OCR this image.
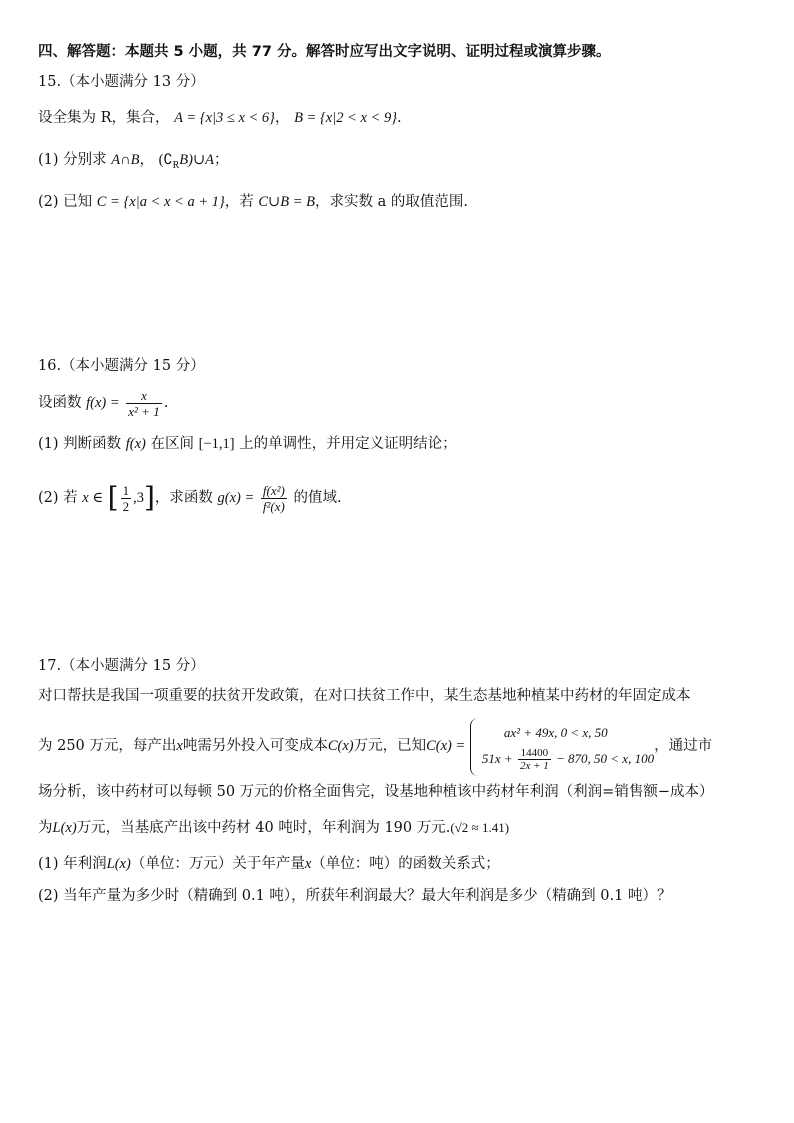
四、解答题：本题共 5 小题，共 77 分。解答时应写出文字说明、证明过程或演算步骤。
15.（本小题满分 13 分）
设全集为 R，集合， A = {x|3 ≤ x < 6}， B = {x|2 < x < 9}.
(1) 分别求 A∩B， $(∁_RB)\cup A$；
(2) 已知 C = {x|a < x < a + 1}，若 C∪B = B，求实数 a 的取值范围.
16.（本小题满分 15 分）
设函数 $f(x) = \frac{x}{\text{x² + 1}}$ .
(1) 判断函数 f(x) 在区间 [−1,1] 上的单调性，并用定义证明结论；
(2) 若 x ∈ [ $\frac{1}{2} ,3$]，求函数 $g(x) = \frac{\text{f(x²)}}{\text{f²(x)}}$ 的值域.
17.（本小题满分 15 分）
对口帮扶是我国一项重要的扶贫开发政策，在对口扶贫工作中，某生态基地种植某中药材的年固定成本
为 250 万元，每产出x吨需另外投入可变成本C(x)万元，已知C(x) =
ax² + 49x, 0 < x, 50
$51x + \frac{14400}{2x + 1} - 870$, 50 < x, 100
，通过市
场分析，该中药材可以每顿 50 万元的价格全面售完，设基地种植该中药材年利润（利润=销售额−成本）
为L(x)万元，当基底产出该中药材 40 吨时，年利润为 190 万元.(√2 ≈ 1.41)
(1) 年利润L(x)（单位：万元）关于年产量x（单位：吨）的函数关系式；
(2) 当年产量为多少时（精确到 0.1 吨），所获年利润最大？最大年利润是多少（精确到 0.1 吨）？
